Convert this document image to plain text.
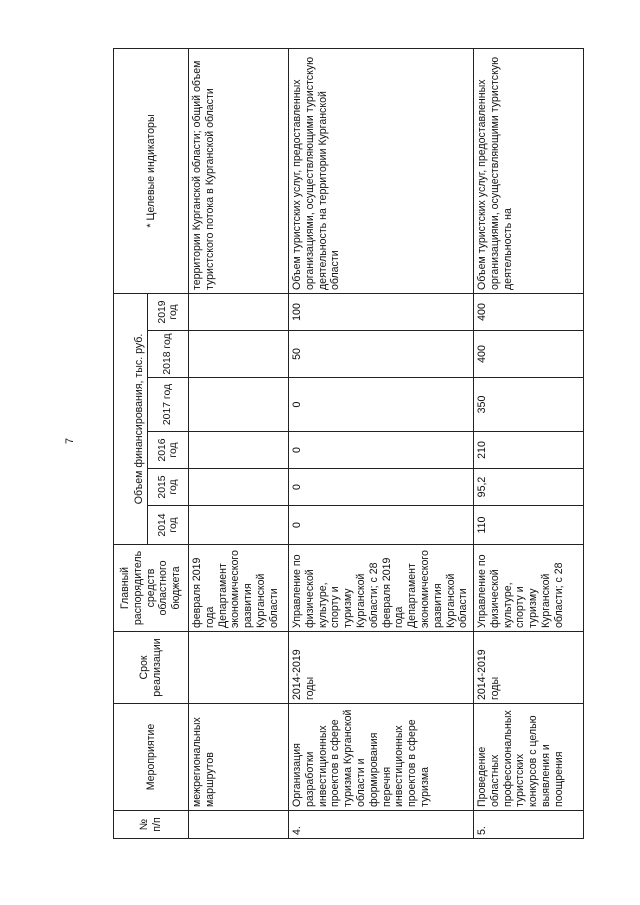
7
№ п/п	Мероприятие	Срок реализации	Главный распорядитель средств областного бюджета	Объем финансирования, тыс. руб.						* Целевые индикаторы
				2014 год	2015 год	2016 год	2017 год	2018 год	2019 год	
	межрегиональных маршрутов		февраля 2019 года Департамент экономического развития Курганской области							территории Курганской области; общий объем туристского потока в Курганской области
4.	Организация разработки инвестиционных проектов в сфере туризма Курганской области и формирования перечня инвестиционных проектов в сфере туризма	2014-2019 годы	Управление по физической культуре, спорту и туризму Курганской области; с 28 февраля 2019 года Департамент экономического развития Курганской области	0	0	0	0	50	100	Объем туристских услуг, предоставленных организациями, осуществляющими туристскую деятельность на территории Курганской области
5.	Проведение областных профессиональных туристских конкурсов с целью выявления и поощрения	2014-2019 годы	Управление по физической культуре, спорту и туризму Курганской области; с 28	110	95,2	210	350	400	400	Объем туристских услуг, предоставленных организациями, осуществляющими туристскую деятельность на
